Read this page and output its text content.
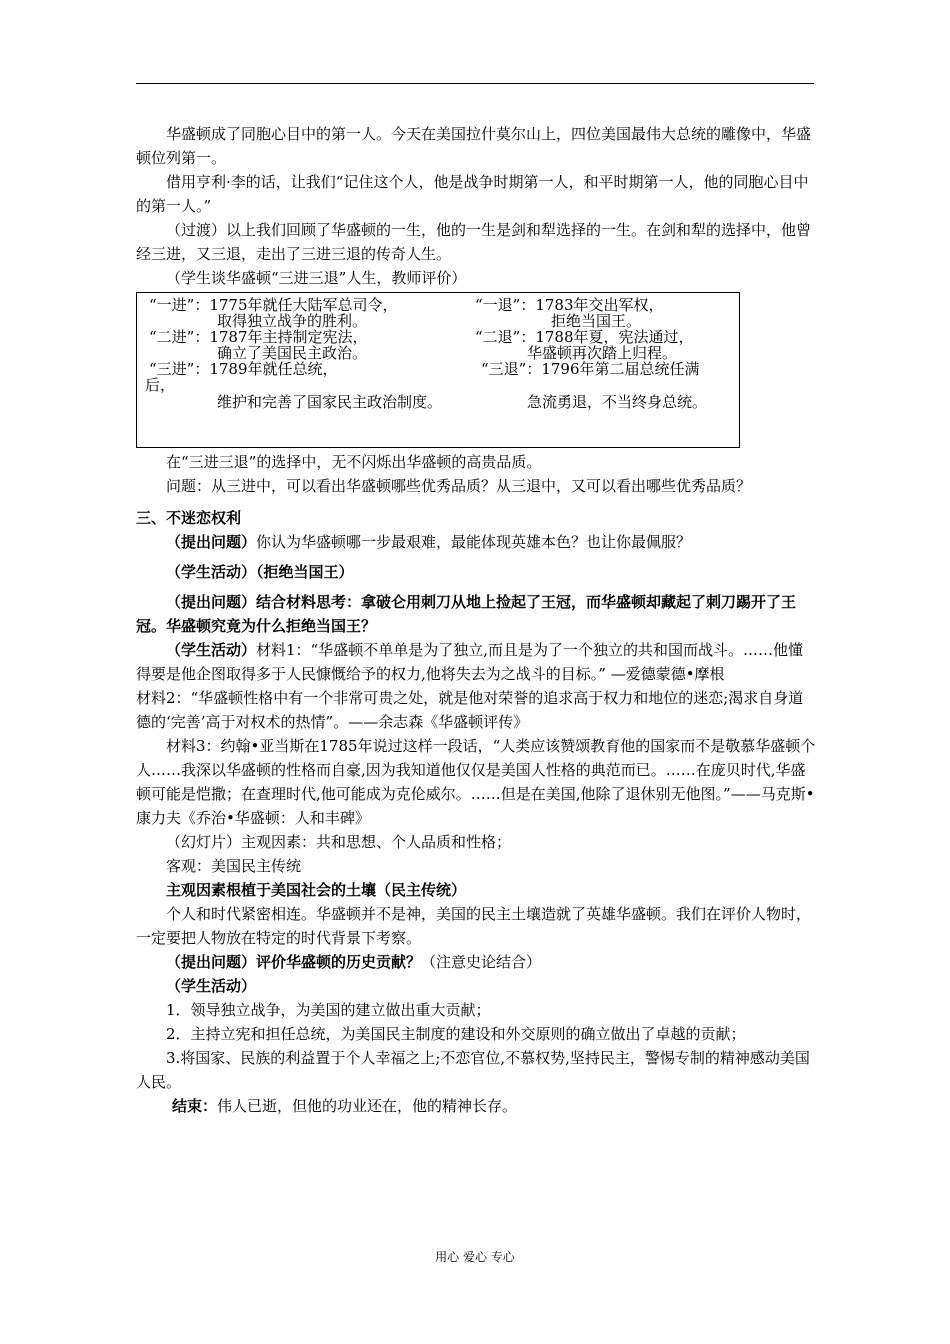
华盛顿成了同胞心目中的第一人。今天在美国拉什莫尔山上，四位美国最伟大总统的雕像中，华盛顿位列第一。

借用亨利·李的话，让我们“记住这个人，他是战争时期第一人，和平时期第一人，他的同胞心目中的第一人。”

（过渡）以上我们回顾了华盛顿的一生，他的一生是剑和犁选择的一生。在剑和犁的选择中，他曾经三进，又三退，走出了三进三退的传奇人生。

（学生谈华盛顿“三进三退”人生，教师评价）

“一进”：1775年就任大陆军总司令，
取得独立战争的胜利。
“二进”：1787年主持制定宪法，
确立了美国民主政治。
“三进”：1789年就任总统，
后，
维护和完善了国家民主政治制度。
“一退”：1783年交出军权，
拒绝当国王。
“二退”：1788年夏，宪法通过，
华盛顿再次踏上归程。
“三退”：1796年第二届总统任满
急流勇退，不当终身总统。

在“三进三退”的选择中，无不闪烁出华盛顿的高贵品质。

问题：从三进中，可以看出华盛顿哪些优秀品质？从三退中，又可以看出哪些优秀品质？

三、不迷恋权利

（提出问题）你认为华盛顿哪一步最艰难，最能体现英雄本色？也让你最佩服？

（学生活动）（拒绝当国王）

（提出问题）结合材料思考：拿破仑用刺刀从地上捡起了王冠，而华盛顿却藏起了刺刀踢开了王冠。华盛顿究竟为什么拒绝当国王？

（学生活动）材料1：“华盛顿不单单是为了独立,而且是为了一个独立的共和国而战斗。……他懂得要是他企图取得多于人民慷慨给予的权力,他将失去为之战斗的目标。” —爱德蒙德•摩根

材料2：“华盛顿性格中有一个非常可贵之处，就是他对荣誉的追求高于权力和地位的迷恋;渴求自身道德的‘完善’高于对权术的热情”。——余志森《华盛顿评传》

材料3：约翰•亚当斯在1785年说过这样一段话，“人类应该赞颂教育他的国家而不是敬慕华盛顿个人……我深以华盛顿的性格而自豪,因为我知道他仅仅是美国人性格的典范而已。……在庞贝时代,华盛顿可能是恺撒；在查理时代,他可能成为克伦威尔。……但是在美国,他除了退休别无他图。”——马克斯•康力夫《乔治•华盛顿：人和丰碑》

（幻灯片）主观因素：共和思想、个人品质和性格；

客观：美国民主传统

主观因素根植于美国社会的土壤（民主传统）

个人和时代紧密相连。华盛顿并不是神，美国的民主土壤造就了英雄华盛顿。我们在评价人物时，一定要把人物放在特定的时代背景下考察。

（提出问题）评价华盛顿的历史贡献？（注意史论结合）

（学生活动）

1．领导独立战争，为美国的建立做出重大贡献；

2．主持立宪和担任总统，为美国民主制度的建设和外交原则的确立做出了卓越的贡献；

3.将国家、民族的利益置于个人幸福之上;不恋官位,不慕权势,坚持民主，警惕专制的精神感动美国人民。

结束：伟人已逝，但他的功业还在，他的精神长存。

用心 爱心 专心
